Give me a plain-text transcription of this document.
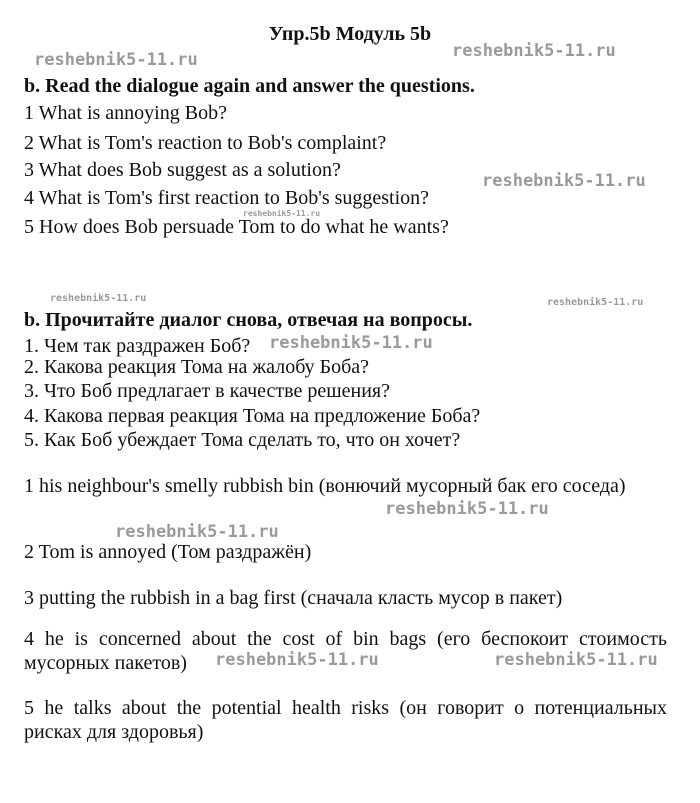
Упр.5b Модуль 5b
b. Read the dialogue again and answer the questions.
1 What is annoying Bob?
2 What is Tom's reaction to Bob's complaint?
3 What does Bob suggest as a solution?
4 What is Tom's first reaction to Bob's suggestion?
5 How does Bob persuade Tom to do what he wants?
b. Прочитайте диалог снова, отвечая на вопросы.
1. Чем так раздражен Боб?
2. Какова реакция Тома на жалобу Боба?
3. Что Боб предлагает в качестве решения?
4. Какова первая реакция Тома на предложение Боба?
5. Как Боб убеждает Тома сделать то, что он хочет?
1 his neighbour's smelly rubbish bin (вонючий мусорный бак его соседа)
2 Tom is annoyed (Том раздражён)
3 putting the rubbish in a bag first (сначала класть мусор в пакет)
4 he is concerned about the cost of bin bags (его беспокоит стоимость мусорных пакетов)
5 he talks about the potential health risks (он говорит о потенциальных рисках для здоровья)
reshebnik5-11.ru	reshebnik5-11.ru
reshebnik5-11.ru
reshebnik5-11.ru
reshebnik5-11.ru	reshebnik5-11.ru
reshebnik5-11.ru
reshebnik5-11.ru
reshebnik5-11.ru
reshebnik5-11.ru	reshebnik5-11.ru
